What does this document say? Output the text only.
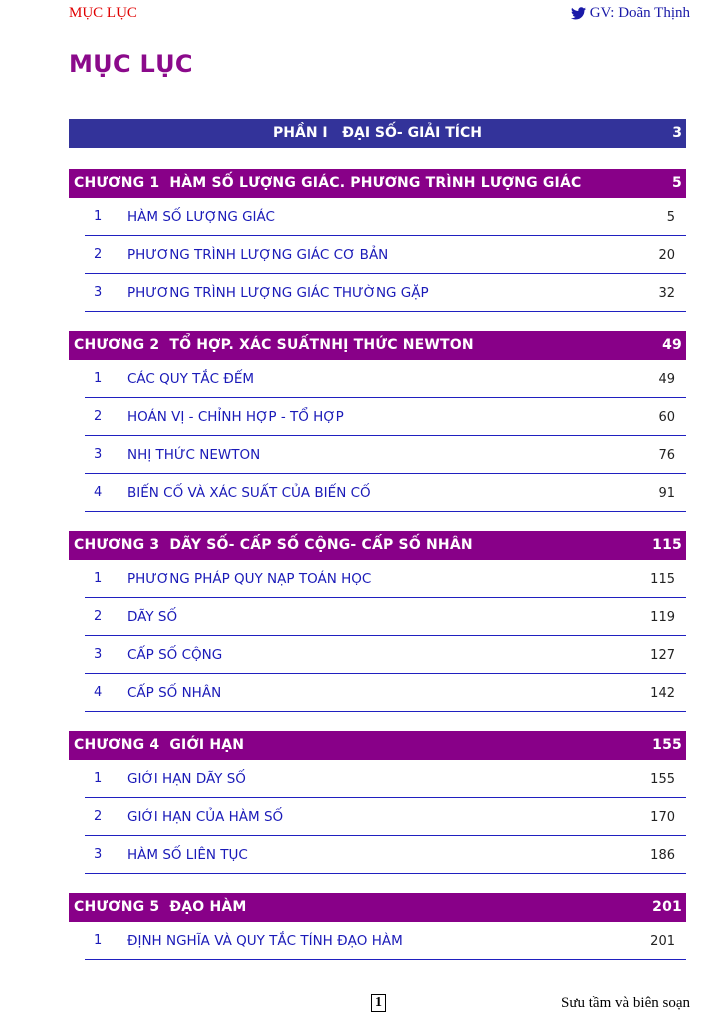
MỤC LỤC	GV: Doãn Thịnh
MỤC LỤC
PHẦN I   ĐẠI SỐ- GIẢI TÍCH	3
CHƯƠNG 1 HÀM SỐ LƯỢNG GIÁC. PHƯƠNG TRÌNH LƯỢNG GIÁC	5
1 HÀM SỐ LƯỢNG GIÁC	5
2 PHƯƠNG TRÌNH LƯỢNG GIÁC CƠ BẢN	20
3 PHƯƠNG TRÌNH LƯỢNG GIÁC THƯỜNG GẶP	32
CHƯƠNG 2 TỔ HỢP. XÁC SUẤTNHỊ THỨC NEWTON	49
1 CÁC QUY TẮC ĐẾM	49
2 HOÁN VỊ - CHỈNH HỢP - TỔ HỢP	60
3 NHỊ THỨC NEWTON	76
4 BIẾN CỐ VÀ XÁC SUẤT CỦA BIẾN CỐ	91
CHƯƠNG 3 DÃY SỐ- CẤP SỐ CỘNG- CẤP SỐ NHÂN	115
1 PHƯƠNG PHÁP QUY NẠP TOÁN HỌC	115
2 DÃY SỐ	119
3 CẤP SỐ CỘNG	127
4 CẤP SỐ NHÂN	142
CHƯƠNG 4 GIỚI HẠN	155
1 GIỚI HẠN DÃY SỐ	155
2 GIỚI HẠN CỦA HÀM SỐ	170
3 HÀM SỐ LIÊN TỤC	186
CHƯƠNG 5 ĐẠO HÀM	201
1 ĐỊNH NGHĨA VÀ QUY TẮC TÍNH ĐẠO HÀM	201
1	Sưu tầm và biên soạn
